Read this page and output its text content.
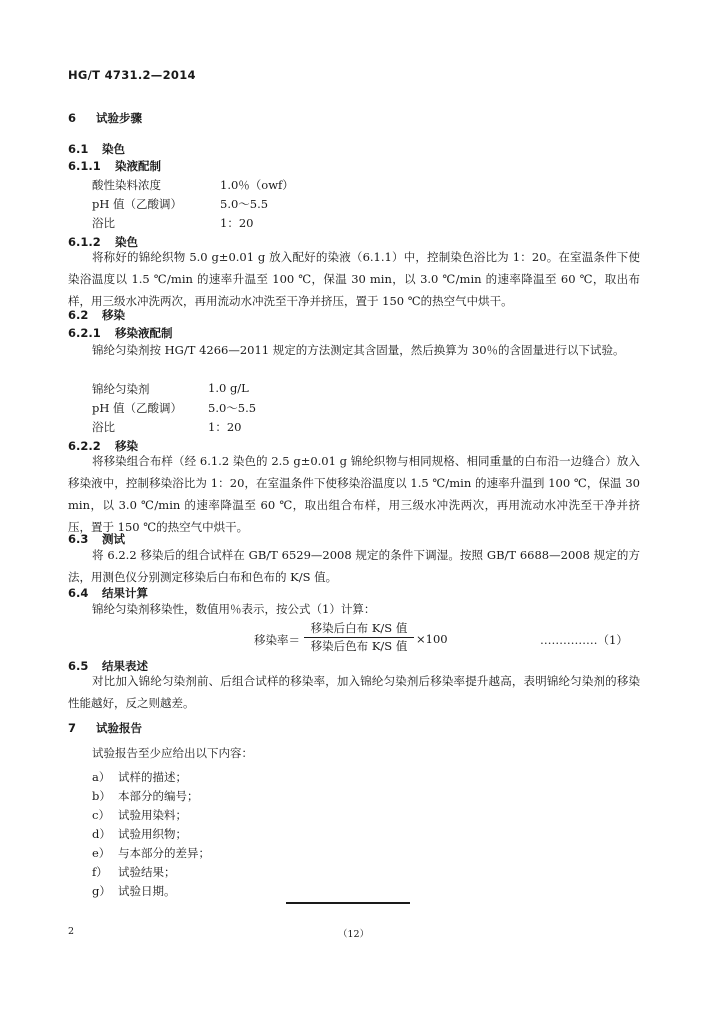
HG/T 4731.2—2014
6 试验步骤
6.1 染色
6.1.1 染液配制
酸性染料浓度	1.0％（owf）
pH 值（乙酸调）	5.0～5.5
浴比	1：20
6.1.2 染色
将称好的锦纶织物 5.0 g±0.01 g 放入配好的染液（6.1.1）中，控制染色浴比为 1：20。在室温条件下使染浴温度以 1.5 ℃/min 的速率升温至 100 ℃，保温 30 min，以 3.0 ℃/min 的速率降温至 60 ℃，取出布样，用三级水冲洗两次，再用流动水冲洗至干净并挤压，置于 150 ℃的热空气中烘干。
6.2 移染
6.2.1 移染液配制
锦纶匀染剂按 HG/T 4266—2011 规定的方法测定其含固量，然后换算为 30％的含固量进行以下试验。
锦纶匀染剂	1.0 g/L
pH 值（乙酸调） 5.0～5.5
浴比	1：20
6.2.2 移染
将移染组合布样（经 6.1.2 染色的 2.5 g±0.01 g 锦纶织物与相同规格、相同重量的白布沿一边缝合）放入移染液中，控制移染浴比为 1：20，在室温条件下使移染浴温度以 1.5 ℃/min 的速率升温到 100 ℃，保温 30 min，以 3.0 ℃/min 的速率降温至 60 ℃，取出组合布样，用三级水冲洗两次，再用流动水冲洗至干净并挤压，置于 150 ℃的热空气中烘干。
6.3 测试
将 6.2.2 移染后的组合试样在 GB/T 6529—2008 规定的条件下调湿。按照 GB/T 6688—2008 规定的方法，用测色仪分别测定移染后白布和色布的 K/S 值。
6.4 结果计算
锦纶匀染剂移染性，数值用％表示，按公式（1）计算：
移染率＝
移染后白布 K/S 值
移染后色布 K/S 值 ×100	……………（1）
6.5 结果表述
对比加入锦纶匀染剂前、后组合试样的移染率，加入锦纶匀染剂后移染率提升越高，表明锦纶匀染剂的移染性能越好，反之则越差。
7 试验报告
试验报告至少应给出以下内容：
a） 试样的描述；
b） 本部分的编号；
c） 试验用染料；
d） 试验用织物；
e） 与本部分的差异；
f） 试验结果；
g） 试验日期。
2	（12）
